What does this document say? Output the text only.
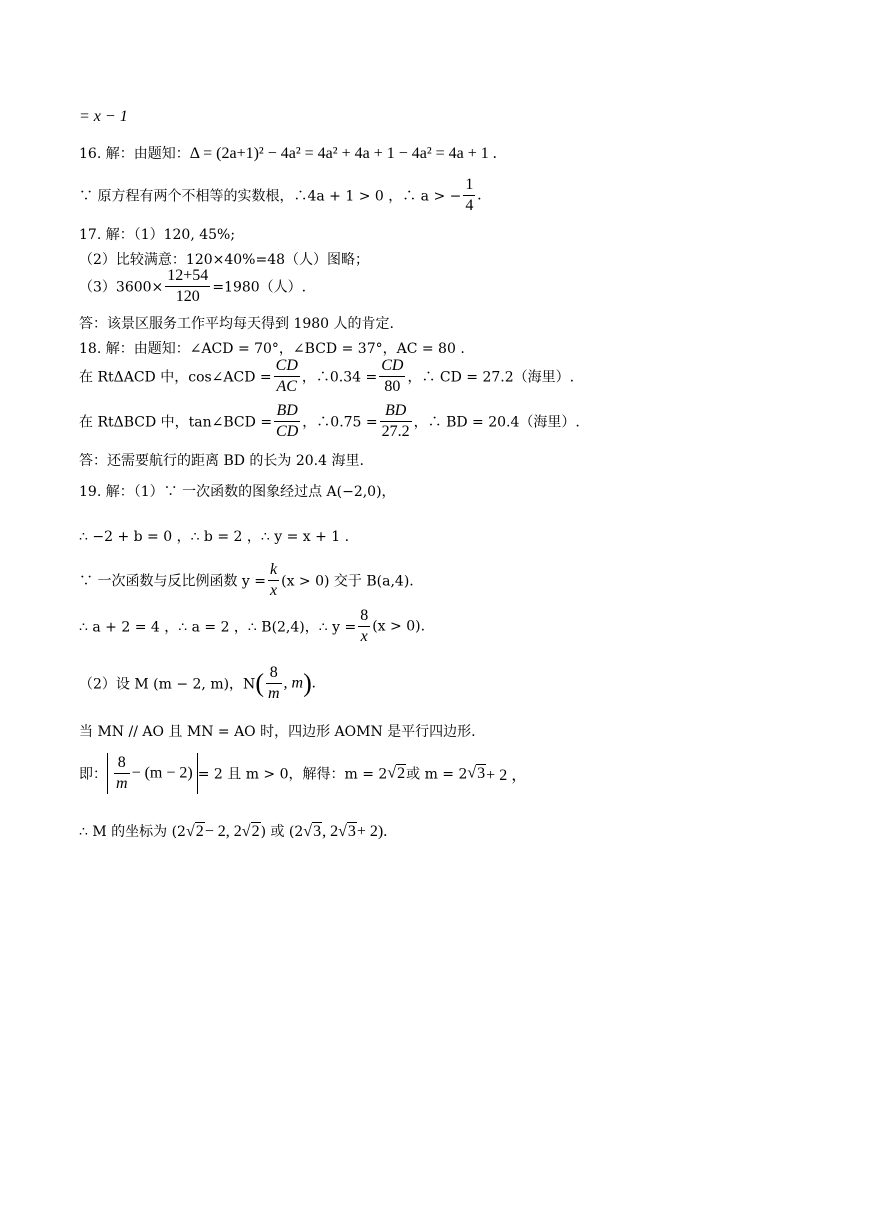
= x − 1
16. 解：由题知：Δ = (2a+1)² − 4a² = 4a² + 4a + 1 − 4a² = 4a + 1 .
∵ 原方程有两个不相等的实数根，∴4a + 1 > 0 ，∴ a > − $\frac{1}{4}$ .
17. 解：（1）120, 45%;
（2）比较满意：120×40%=48（人）图略；
$(3)3600\times \frac{12+54}{120} =1980$（人）.
答：该景区服务工作平均每天得到 1980 人的肯定.
18. 解：由题知：∠ACD = 70°，∠BCD = 37°，AC = 80 .
在 RtΔACD 中，cos∠ACD = $\frac{CD}{AC}$ ，∴0.34 = $\frac{CD}{80}$ ，∴ CD = 27.2（海里）.
在 RtΔBCD 中，tan∠BCD = $\frac{BD}{CD}$ ，∴0.75 = $\frac{BD}{27.2}$ ，∴ BD = 20.4（海里）.
答：还需要航行的距离 BD 的长为 20.4 海里.
19. 解：（1）∵ 一次函数的图象经过点 A(−2,0)，
∴ −2 + b = 0 ，∴ b = 2 ，∴ y = x + 1 .
∵ 一次函数与反比例函数 $y = \frac{k}{x} (x > 0)$ 交于 B(a,4).
∴ a + 2 = 4 ，∴ a = 2 ，∴ B(2,4)，∴ $y = \frac{8}{x} (x > 0)$.
（2）设 M (m − 2, m)，$N( \frac{8}{m}$ , m).
当 MN // AO 且 MN = AO 时，四边形 AOMN 是平行四边形.
即： $\frac{8}{m} - (m - 2) = 2$ 且 m > 0，解得：m = 2√2或 m = 2√3+ 2 ，
∴ M 的坐标为 (2√2− 2, 2√2) 或 (2√3, 2√3+ 2).
